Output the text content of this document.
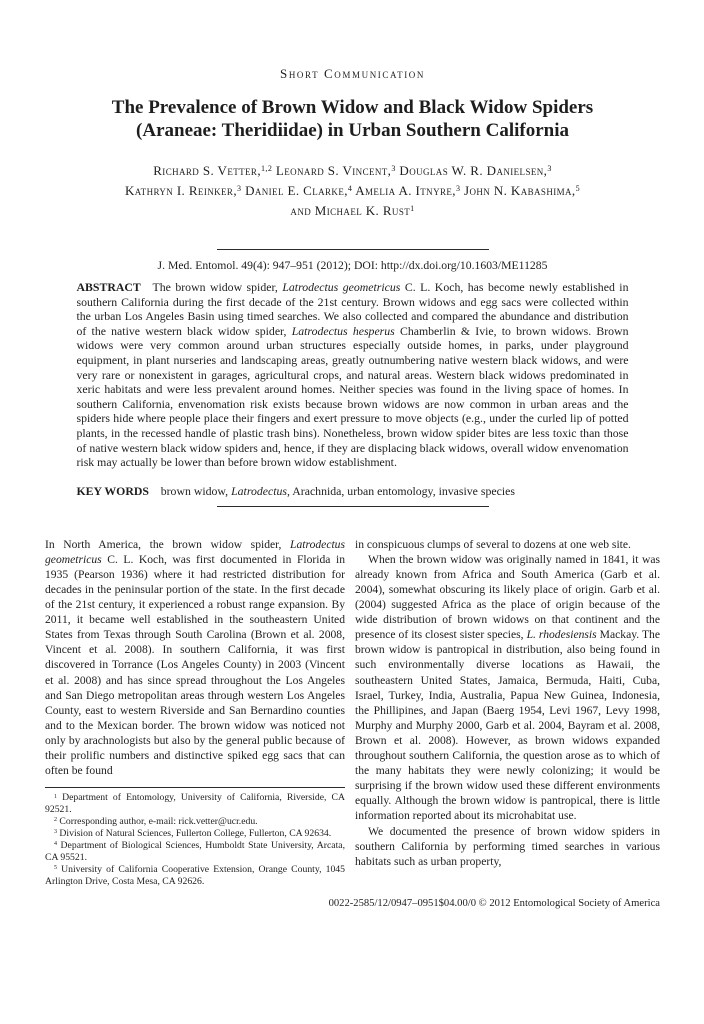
Short Communication
The Prevalence of Brown Widow and Black Widow Spiders
(Araneae: Theridiidae) in Urban Southern California
Richard S. Vetter,$^{1,2}$ Leonard S. Vincent,$^3$ Douglas W. R. Danielsen,$^3$
Kathryn I. Reinker,$^3$ Daniel E. Clarke,$^4$ Amelia A. Itnyre,$^3$ John N. Kabashima,$^5$
and Michael K. Rust$^1$
J. Med. Entomol. 49(4): 947–951 (2012); DOI: http://dx.doi.org/10.1603/ME11285

ABSTRACT The brown widow spider, Latrodectus geometricus C. L. Koch, has become newly established in southern California during the first decade of the 21st century. Brown widows and egg sacs were collected within the urban Los Angeles Basin using timed searches. We also collected and compared the abundance and distribution of the native western black widow spider, Latrodectus hesperus Chamberlin & Ivie, to brown widows. Brown widows were very common around urban structures especially outside homes, in parks, under playground equipment, in plant nurseries and landscaping areas, greatly outnumbering native western black widows, and were very rare or nonexistent in garages, agricultural crops, and natural areas. Western black widows predominated in xeric habitats and were less prevalent around homes. Neither species was found in the living space of homes. In southern California, envenomation risk exists because brown widows are now common in urban areas and the spiders hide where people place their fingers and exert pressure to move objects (e.g., under the curled lip of potted plants, in the recessed handle of plastic trash bins). Nonetheless, brown widow spider bites are less toxic than those of native western black widow spiders and, hence, if they are displacing black widows, overall widow envenomation risk may actually be lower than before brown widow establishment.

KEY WORDS brown widow, Latrodectus, Arachnida, urban entomology, invasive species

In North America, the brown widow spider, Latrodectus geometricus C. L. Koch, was first documented in Florida in 1935 (Pearson 1936) where it had restricted distribution for decades in the peninsular portion of the state. In the first decade of the 21st century, it experienced a robust range expansion. By 2011, it became well established in the southeastern United States from Texas through South Carolina (Brown et al. 2008, Vincent et al. 2008). In southern California, it was first discovered in Torrance (Los Angeles County) in 2003 (Vincent et al. 2008) and has since spread throughout the Los Angeles and San Diego metropolitan areas through western Los Angeles County, east to western Riverside and San Bernardino counties and to the Mexican border. The brown widow was noticed not only by arachnologists but also by the general public because of their prolific numbers and distinctive spiked egg sacs that can often be found

$^1$ Department of Entomology, University of California, Riverside, CA 92521.

$^2$ Corresponding author, e-mail: rick.vetter@ucr.edu.

$^3$ Division of Natural Sciences, Fullerton College, Fullerton, CA 92634.

$^4$ Department of Biological Sciences, Humboldt State University, Arcata, CA 95521.

$^5$ University of California Cooperative Extension, Orange County, 1045 Arlington Drive, Costa Mesa, CA 92626.

in conspicuous clumps of several to dozens at one web site.

When the brown widow was originally named in 1841, it was already known from Africa and South America (Garb et al. 2004), somewhat obscuring its likely place of origin. Garb et al. (2004) suggested Africa as the place of origin because of the wide distribution of brown widows on that continent and the presence of its closest sister species, L. rhodesiensis Mackay. The brown widow is pantropical in distribution, also being found in such environmentally diverse locations as Hawaii, the southeastern United States, Jamaica, Bermuda, Haiti, Cuba, Israel, Turkey, India, Australia, Papua New Guinea, Indonesia, the Phillipines, and Japan (Baerg 1954, Levi 1967, Levy 1998, Murphy and Murphy 2000, Garb et al. 2004, Bayram et al. 2008, Brown et al. 2008). However, as brown widows expanded throughout southern California, the question arose as to which of the many habitats they were newly colonizing; it would be surprising if the brown widow used these different environments equally. Although the brown widow is pantropical, there is little information reported about its microhabitat use.

We documented the presence of brown widow spiders in southern California by performing timed searches in various habitats such as urban property,

0022-2585/12/0947–0951$04.00/0 © 2012 Entomological Society of America
